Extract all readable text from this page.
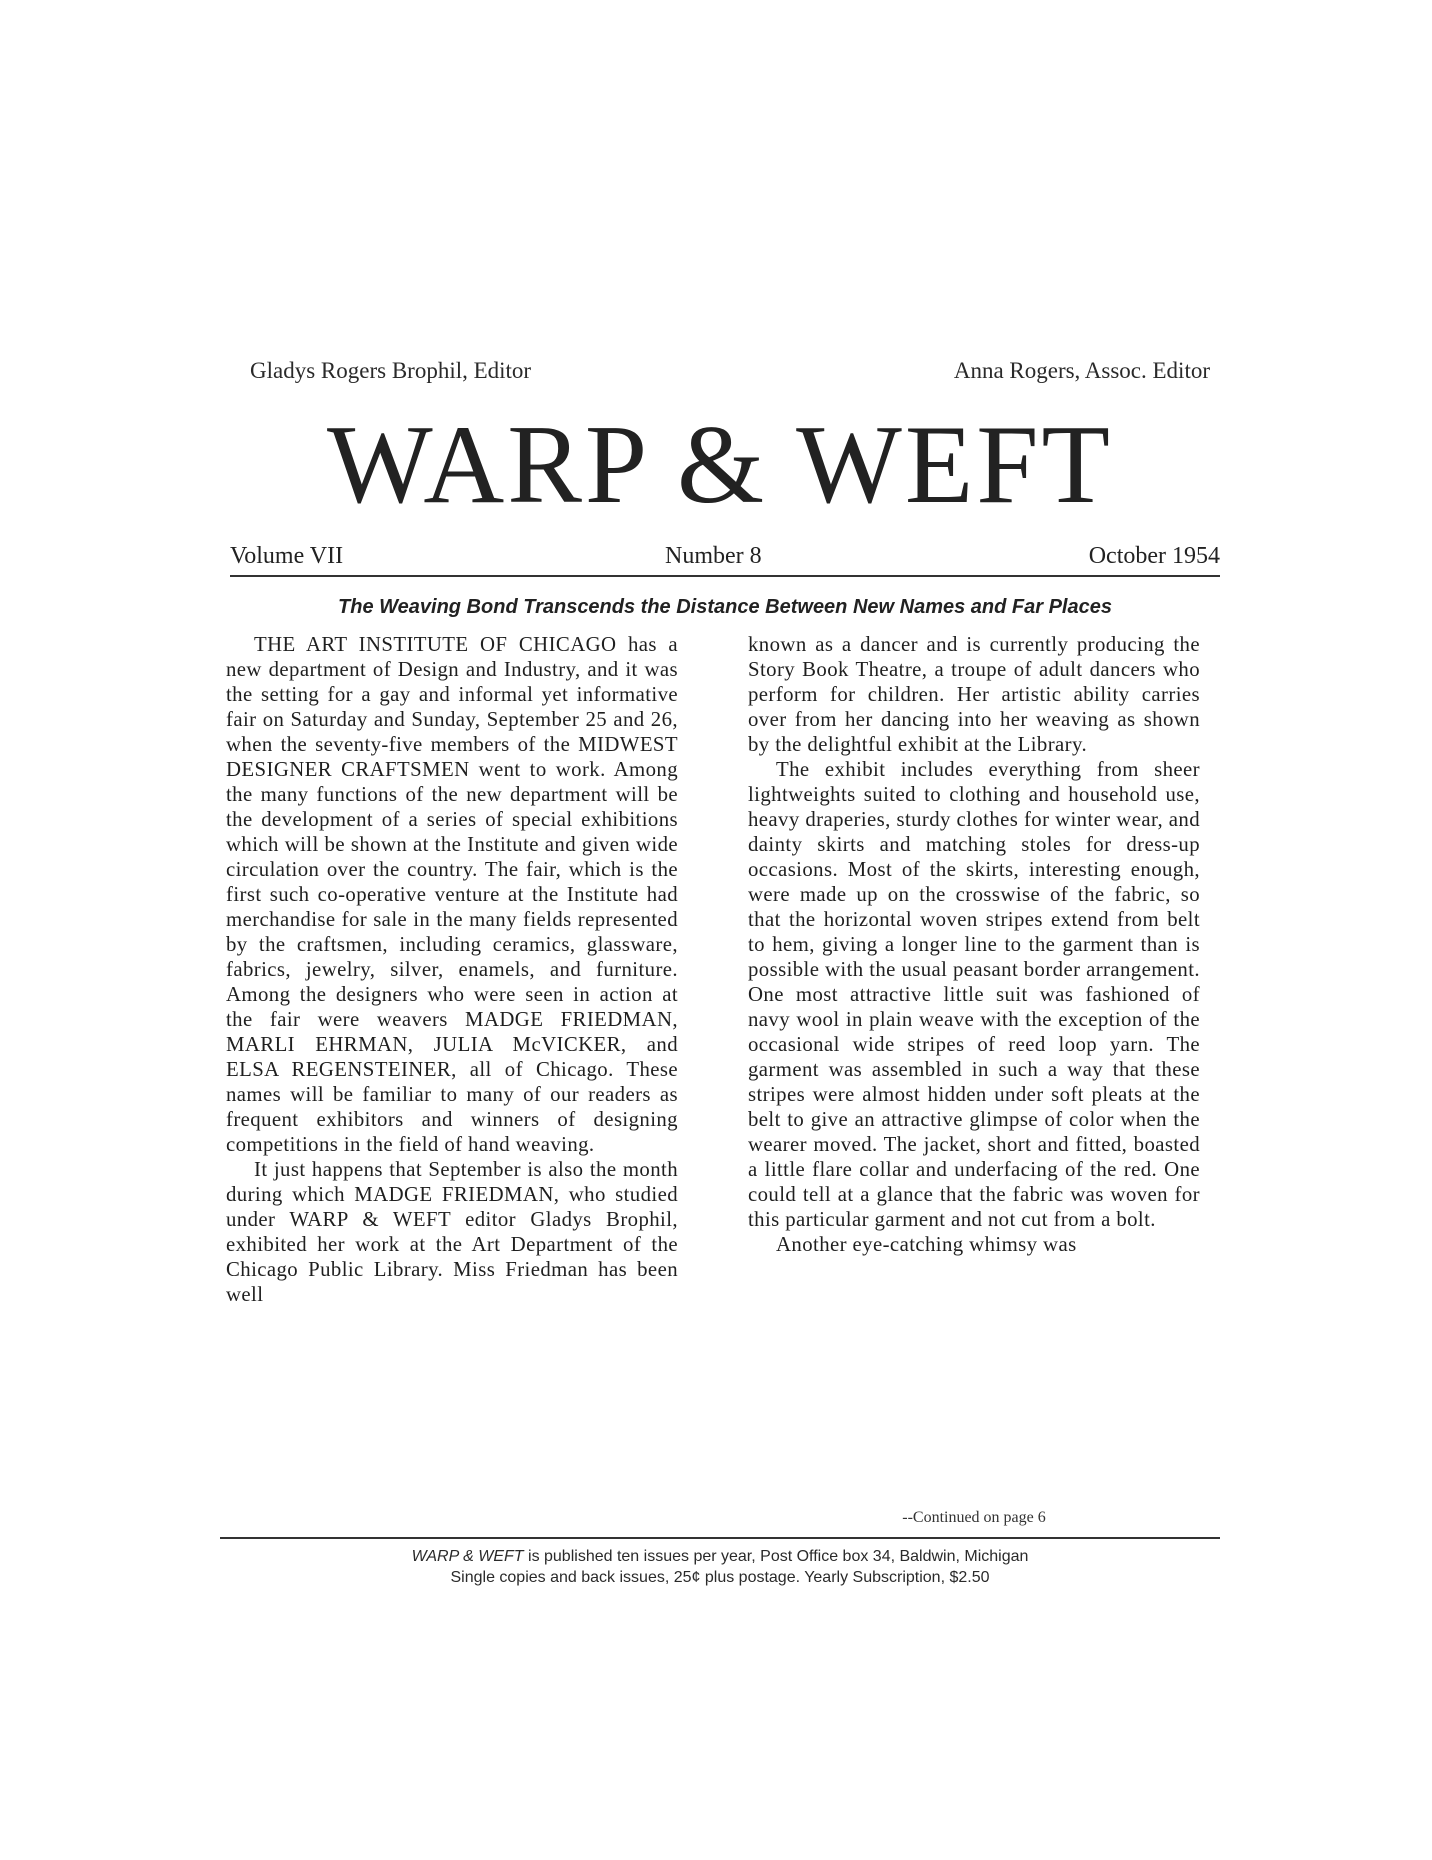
Gladys Rogers Brophil, Editor	Anna Rogers, Assoc. Editor
WARP & WEFT
Volume VII	Number 8	October 1954
The Weaving Bond Transcends the Distance Between New Names and Far Places

THE ART INSTITUTE OF CHICAGO has a new department of Design and Industry, and it was the setting for a gay and informal yet informative fair on Saturday and Sunday, September 25 and 26, when the seventy-five members of the MIDWEST DESIGNER CRAFTSMEN went to work. Among the many functions of the new department will be the development of a series of special exhibitions which will be shown at the Institute and given wide circulation over the country. The fair, which is the first such co-operative venture at the Institute had merchandise for sale in the many fields represented by the craftsmen, including ceramics, glassware, fabrics, jewelry, silver, enamels, and furniture. Among the designers who were seen in action at the fair were weavers MADGE FRIEDMAN, MARLI EHRMAN, JULIA McVICKER, and ELSA REGENSTEINER, all of Chicago. These names will be familiar to many of our readers as frequent exhibitors and winners of designing competitions in the field of hand weaving.

It just happens that September is also the month during which MADGE FRIEDMAN, who studied under WARP & WEFT editor Gladys Brophil, exhibited her work at the Art Department of the Chicago Public Library. Miss Friedman has been well

known as a dancer and is currently producing the Story Book Theatre, a troupe of adult dancers who perform for children. Her artistic ability carries over from her dancing into her weaving as shown by the delightful exhibit at the Library.

The exhibit includes everything from sheer lightweights suited to clothing and household use, heavy draperies, sturdy clothes for winter wear, and dainty skirts and matching stoles for dress-up occasions. Most of the skirts, interesting enough, were made up on the crosswise of the fabric, so that the horizontal woven stripes extend from belt to hem, giving a longer line to the garment than is possible with the usual peasant border arrangement. One most attractive little suit was fashioned of navy wool in plain weave with the exception of the occasional wide stripes of reed loop yarn. The garment was assembled in such a way that these stripes were almost hidden under soft pleats at the belt to give an attractive glimpse of color when the wearer moved. The jacket, short and fitted, boasted a little flare collar and underfacing of the red. One could tell at a glance that the fabric was woven for this particular garment and not cut from a bolt.

Another eye-catching whimsy was

--Continued on page 6
WARP & WEFT is published ten issues per year, Post Office box 34, Baldwin, Michigan
Single copies and back issues, 25¢ plus postage. Yearly Subscription, $2.50
